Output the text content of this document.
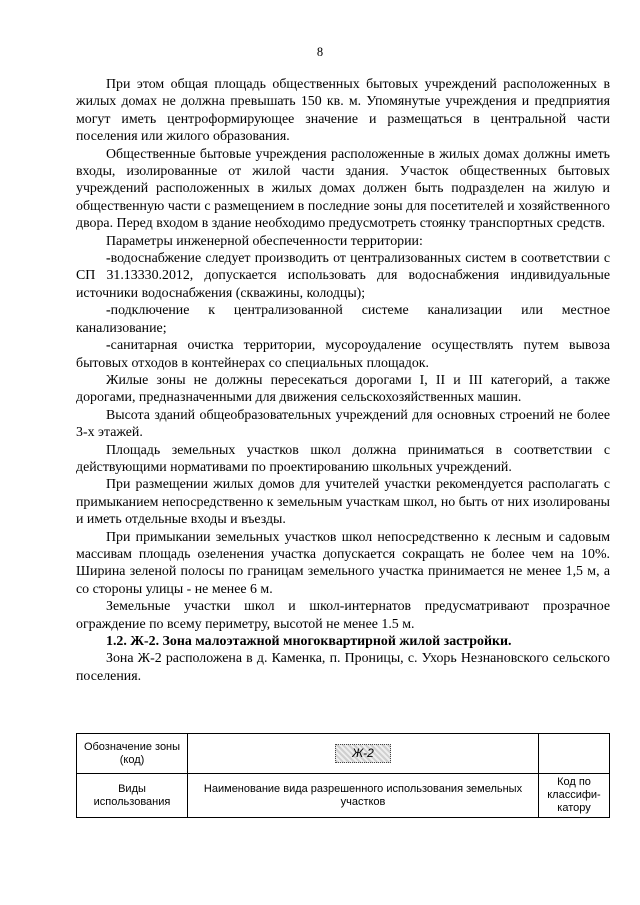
8

При этом общая площадь общественных бытовых учреждений расположенных в жилых домах не должна превышать 150 кв. м. Упомянутые учреждения и предприятия могут иметь центроформирующее значение и размещаться в центральной части поселения или жилого образования.

Общественные бытовые учреждения расположенные в жилых домах должны иметь входы, изолированные от жилой части здания. Участок общественных бытовых учреждений расположенных в жилых домах должен быть подразделен на жилую и общественную части с размещением в последние зоны для посетителей и хозяйственного двора. Перед входом в здание необходимо предусмотреть стоянку транспортных средств.

Параметры инженерной обеспеченности территории:

-водоснабжение следует производить от централизованных систем в соответствии с СП 31.13330.2012, допускается использовать для водоснабжения индивидуальные источники водоснабжения (скважины, колодцы);

-подключение к централизованной системе канализации или местное канализование;

-санитарная очистка территории, мусороудаление осуществлять путем вывоза бытовых отходов в контейнерах со специальных площадок.

Жилые зоны не должны пересекаться дорогами I, II и III категорий, а также дорогами, предназначенными для движения сельскохозяйственных машин.

Высота зданий общеобразовательных учреждений для основных строений не более 3-х этажей.

Площадь земельных участков школ должна приниматься в соответствии с действующими нормативами по проектированию школьных учреждений.

При размещении жилых домов для учителей участки рекомендуется располагать с примыканием непосредственно к земельным участкам школ, но быть от них изолированы и иметь отдельные входы и въезды.

При примыкании земельных участков школ непосредственно к лесным и садовым массивам площадь озеленения участка допускается сокращать не более чем на 10%. Ширина зеленой полосы по границам земельного участка принимается не менее 1,5 м, а со стороны улицы - не менее 6 м.

Земельные участки школ и школ-интернатов предусматривают прозрачное ограждение по всему периметру, высотой не менее 1.5 м.

1.2. Ж-2. Зона малоэтажной многоквартирной жилой застройки.

Зона Ж-2 расположена в д. Каменка, п. Проницы, с. Ухорь Незнановского сельского поселения.

Обозначение зоны (код)	Ж-2	
Виды использования	Наименование вида разрешенного использования земельных участков	Код по классифи-катору
